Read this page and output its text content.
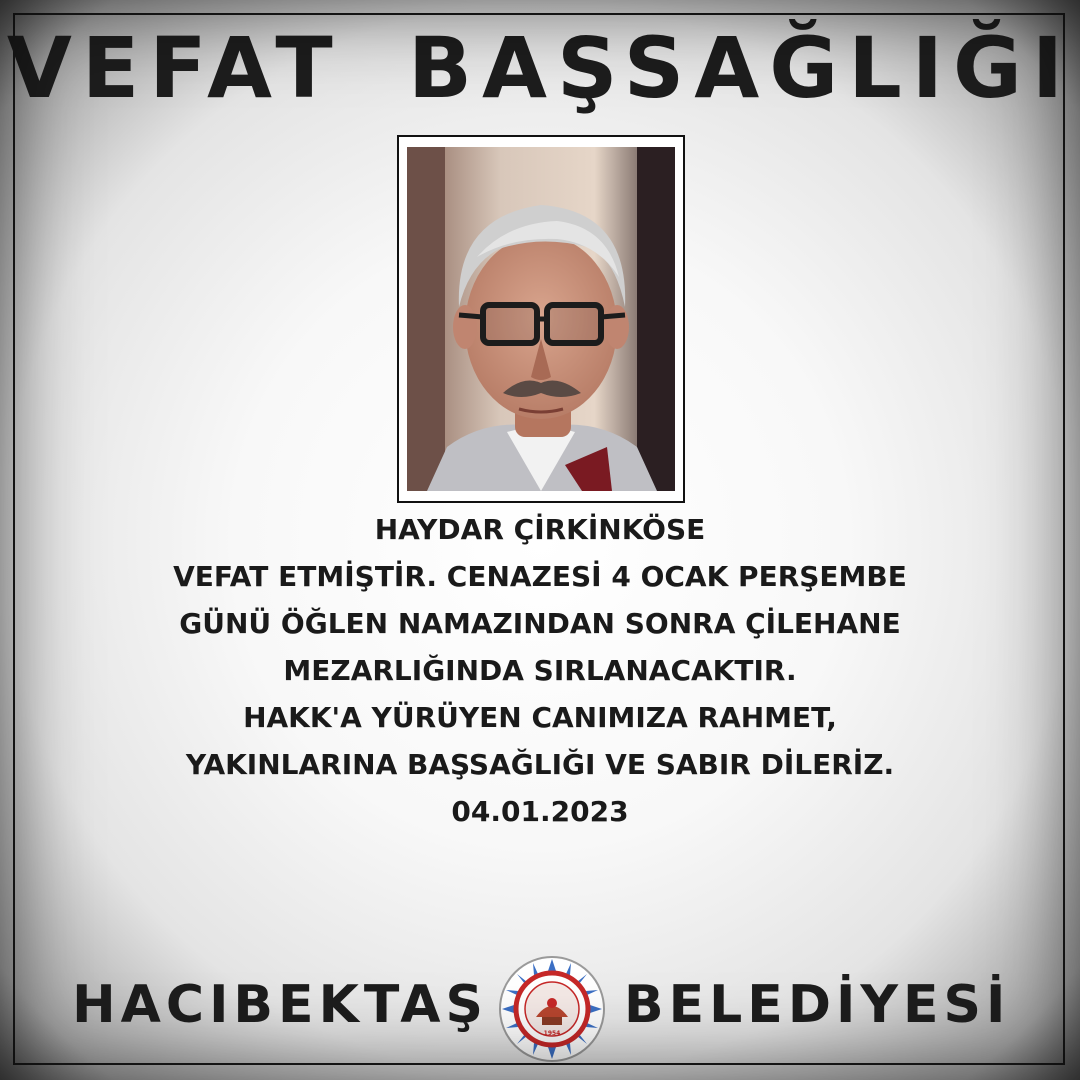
VEFAT BAŞSAĞLIĞI
HAYDAR ÇİRKİNKÖSE
VEFAT ETMİŞTİR. CENAZESİ 4 OCAK PERŞEMBE
GÜNÜ ÖĞLEN NAMAZINDAN SONRA ÇİLEHANE
MEZARLIĞINDA SIRLANACAKTIR.
HAKK'A YÜRÜYEN CANIMIZA RAHMET,
YAKINLARINA BAŞSAĞLIĞI VE SABIR DİLERİZ.
04.01.2023
HACIBEKTAŞ	1954 BELEDİYESİ
